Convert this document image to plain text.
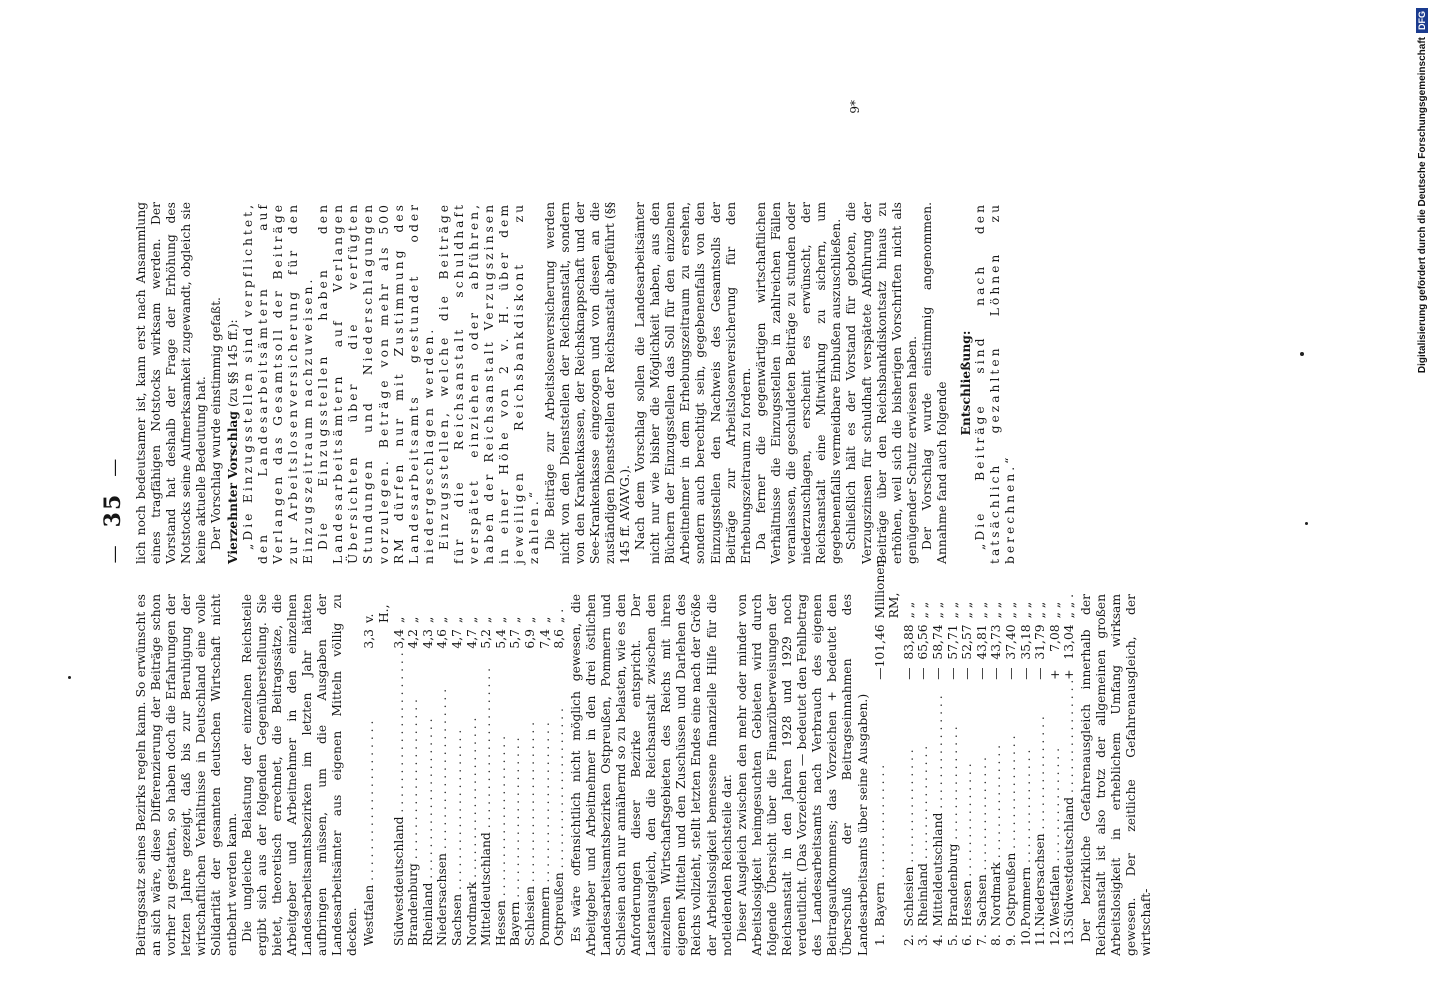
—35—

Beitragssatz seines Bezirks regeln kann. So erwünscht es an sich wäre, diese Differenzierung der Beiträge schon vorher zu gestatten, so haben doch die Erfahrungen der letzten Jahre gezeigt, daß bis zur Beruhigung der wirtschaftlichen Verhältnisse in Deutschland eine volle Solidarität der gesamten deutschen Wirtschaft nicht entbehrt werden kann. Die ungleiche Belastung der einzelnen Reichsteile ergibt sich aus der folgenden Gegenüberstellung. Sie bietet, theoretisch errechnet, die Beitragssätze, die Arbeitgeber und Arbeitnehmer in den einzelnen Landesarbeitsamtsbezirken im letzten Jahr hätten aufbringen müssen, um die Ausgaben der Landesarbeitsämter aus eigenen Mitteln völlig zu decken. Westfalen . . . . . . . . . . . . . . . . . . . . .	3,3	v. H.,
Südwestdeutschland . . . . . . . . . . . . . . . . . . . . .	3,4	„
Brandenburg . . . . . . . . . . . . . . . . . . . . .	4,2	„
Rheinland . . . . . . . . . . . . . . . . . . . . .	4,3	„
Niedersachsen . . . . . . . . . . . . . . . . . . . . .	4,6	„
Sachsen . . . . . . . . . . . . . . . . . . . . .	4,7	„
Nordmark . . . . . . . . . . . . . . . . . . . . .	4,7	„
Mitteldeutschland . . . . . . . . . . . . . . . . . . . . .	5,2	„
Hessen . . . . . . . . . . . . . . . . . . . . .	5,4	„
Bayern . . . . . . . . . . . . . . . . . . . . .	5,7	„
Schlesien . . . . . . . . . . . . . . . . . . . . .	6,9	„
Pommern . . . . . . . . . . . . . . . . . . . . .	7,4	„
Ostpreußen . . . . . . . . . . . . . . . . . . . . .	8,6	„ . Es wäre offensichtlich nicht möglich gewesen, die Arbeitgeber und Arbeitnehmer in den drei östlichen Landesarbeitsamtsbezirken Ostpreußen, Pommern und Schlesien auch nur annähernd so zu belasten, wie es den Anforderungen dieser Bezirke entspricht. Der Lastenausgleich, den die Reichsanstalt zwischen den einzelnen Wirtschaftsgebieten des Reichs mit ihren eigenen Mitteln und den Zuschüssen und Darlehen des Reichs vollzieht, stellt letzten Endes eine nach der Größe der Arbeitslosigkeit bemessene finanzielle Hilfe für die notleidenden Reichsteile dar. Dieser Ausgleich zwischen den mehr oder minder von Arbeitslosigkeit heimgesuchten Gebieten wird durch folgende Übersicht über die Finanzüberweisungen der Reichsanstalt in den Jahren 1928 und 1929 noch verdeutlicht. (Das Vorzeichen — bedeutet den Fehlbetrag des Landesarbeitsamts nach Verbrauch des eigenen Beitragsaufkommens; das Vorzeichen + bedeutet den Überschuß der Beitragseinnahmen des Landesarbeitsamts über seine Ausgaben.) 1.	Bayern . . . . . . . . . . . . . . .	—	101,46	Millionen RM,
2.	Schlesien . . . . . . . . . . . . . . .	—	83,88	„ „
3.	Rheinland . . . . . . . . . . . . . . .	—	65,56	„ „
4.	Mitteldeutschland . . . . . . . . . . . . . . .	—	58,74	„ „
5.	Brandenburg . . . . . . . . . . . . . . .	—	57,71	„ „
6.	Hessen . . . . . . . . . . . . . . .	—	52,57	„ „
7.	Sachsen . . . . . . . . . . . . . . .	—	43,81	„ „
8.	Nordmark . . . . . . . . . . . . . . .	—	43,73	„ „
9.	Ostpreußen . . . . . . . . . . . . . . .	—	37,40	„ „
10.	Pommern . . . . . . . . . . . . . . .	—	35,18	„ „
11.	Niedersachsen . . . . . . . . . . . . . . .	—	31,79	„ „
12.	Westfalen . . . . . . . . . . . . . . .	+	7,08	„ „
13.	Südwestdeutschland . . . . . . . . . . . . . . .	+	13,04	„ „ . Der bezirkliche Gefahrenausgleich innerhalb der Reichsanstalt ist also trotz der allgemeinen großen Arbeitslosigkeit in erheblichem Umfang wirksam gewesen. Der zeitliche Gefahrenausgleich, der wirtschaft-

lich noch bedeutsamer ist, kann erst nach Ansammlung eines tragfähigen Notstocks wirksam werden. Der Vorstand hat deshalb der Frage der Erhöhung des Notstocks seine Aufmerksamkeit zugewandt, obgleich sie keine aktuelle Bedeutung hat. Der Vorschlag wurde einstimmig gefaßt. Vierzehnter Vorschlag (zu §§ 145 ff.): „Die Einzugsstellen sind verpflichtet, den Landesarbeitsämtern auf Verlangen das Gesamtsoll der Beiträge zur Arbeitslosenversicherung für den Einzugszeitraum nachzuweisen. Die Einzugsstellen haben den Landesarbeitsämtern auf Verlangen Übersichten über die verfügten Stundungen und Niederschlagungen vorzulegen. Beträge von mehr als 500 RM dürfen nur mit Zustimmung des Landesarbeitsamts gestundet oder niedergeschlagen werden. Einzugsstellen, welche die Beiträge für die Reichsanstalt schuldhaft verspätet einziehen oder abführen, haben der Reichsanstalt Verzugszinsen in einer Höhe von 2 v. H. über dem jeweiligen Reichsbankdiskont zu zahlen.“ Die Beiträge zur Arbeitslosenversicherung werden nicht von den Dienststellen der Reichsanstalt, sondern von den Krankenkassen, der Reichsknappschaft und der See-Krankenkasse eingezogen und von diesen an die zuständigen Dienststellen der Reichsanstalt abgeführt (§§ 145 ff. AVAVG.). Nach dem Vorschlag sollen die Landesarbeitsämter nicht nur wie bisher die Möglichkeit haben, aus den Büchern der Einzugsstellen das Soll für den einzelnen Arbeitnehmer in dem Erhebungszeitraum zu ersehen, sondern auch berechtigt sein, gegebenenfalls von den Einzugsstellen den Nachweis des Gesamtsolls der Beiträge zur Arbeitslosenversicherung für den Erhebungszeitraum zu fordern. Da ferner die gegenwärtigen wirtschaftlichen Verhältnisse die Einzugsstellen in zahlreichen Fällen veranlassen, die geschuldeten Beiträge zu stunden oder niederzuschlagen, erscheint es erwünscht, der Reichsanstalt eine Mitwirkung zu sichern, um gegebenenfalls vermeidbare Einbußen auszuschließen. Schließlich hält es der Vorstand für geboten, die Verzugszinsen für schuldhaft verspätete Abführung der Beiträge über den Reichsbankdiskontsatz hinaus zu erhöhen, weil sich die bisherigen Vorschriften nicht als genügender Schutz erwiesen haben. Der Vorschlag wurde einstimmig angenommen. Annahme fand auch folgende Entschließung: „Die Beiträge sind nach den tatsächlich gezahlten Löhnen zu berechnen.“

9*	Digitalisierung gefördert durch die Deutsche ForschungsgemeinschaftDFG
